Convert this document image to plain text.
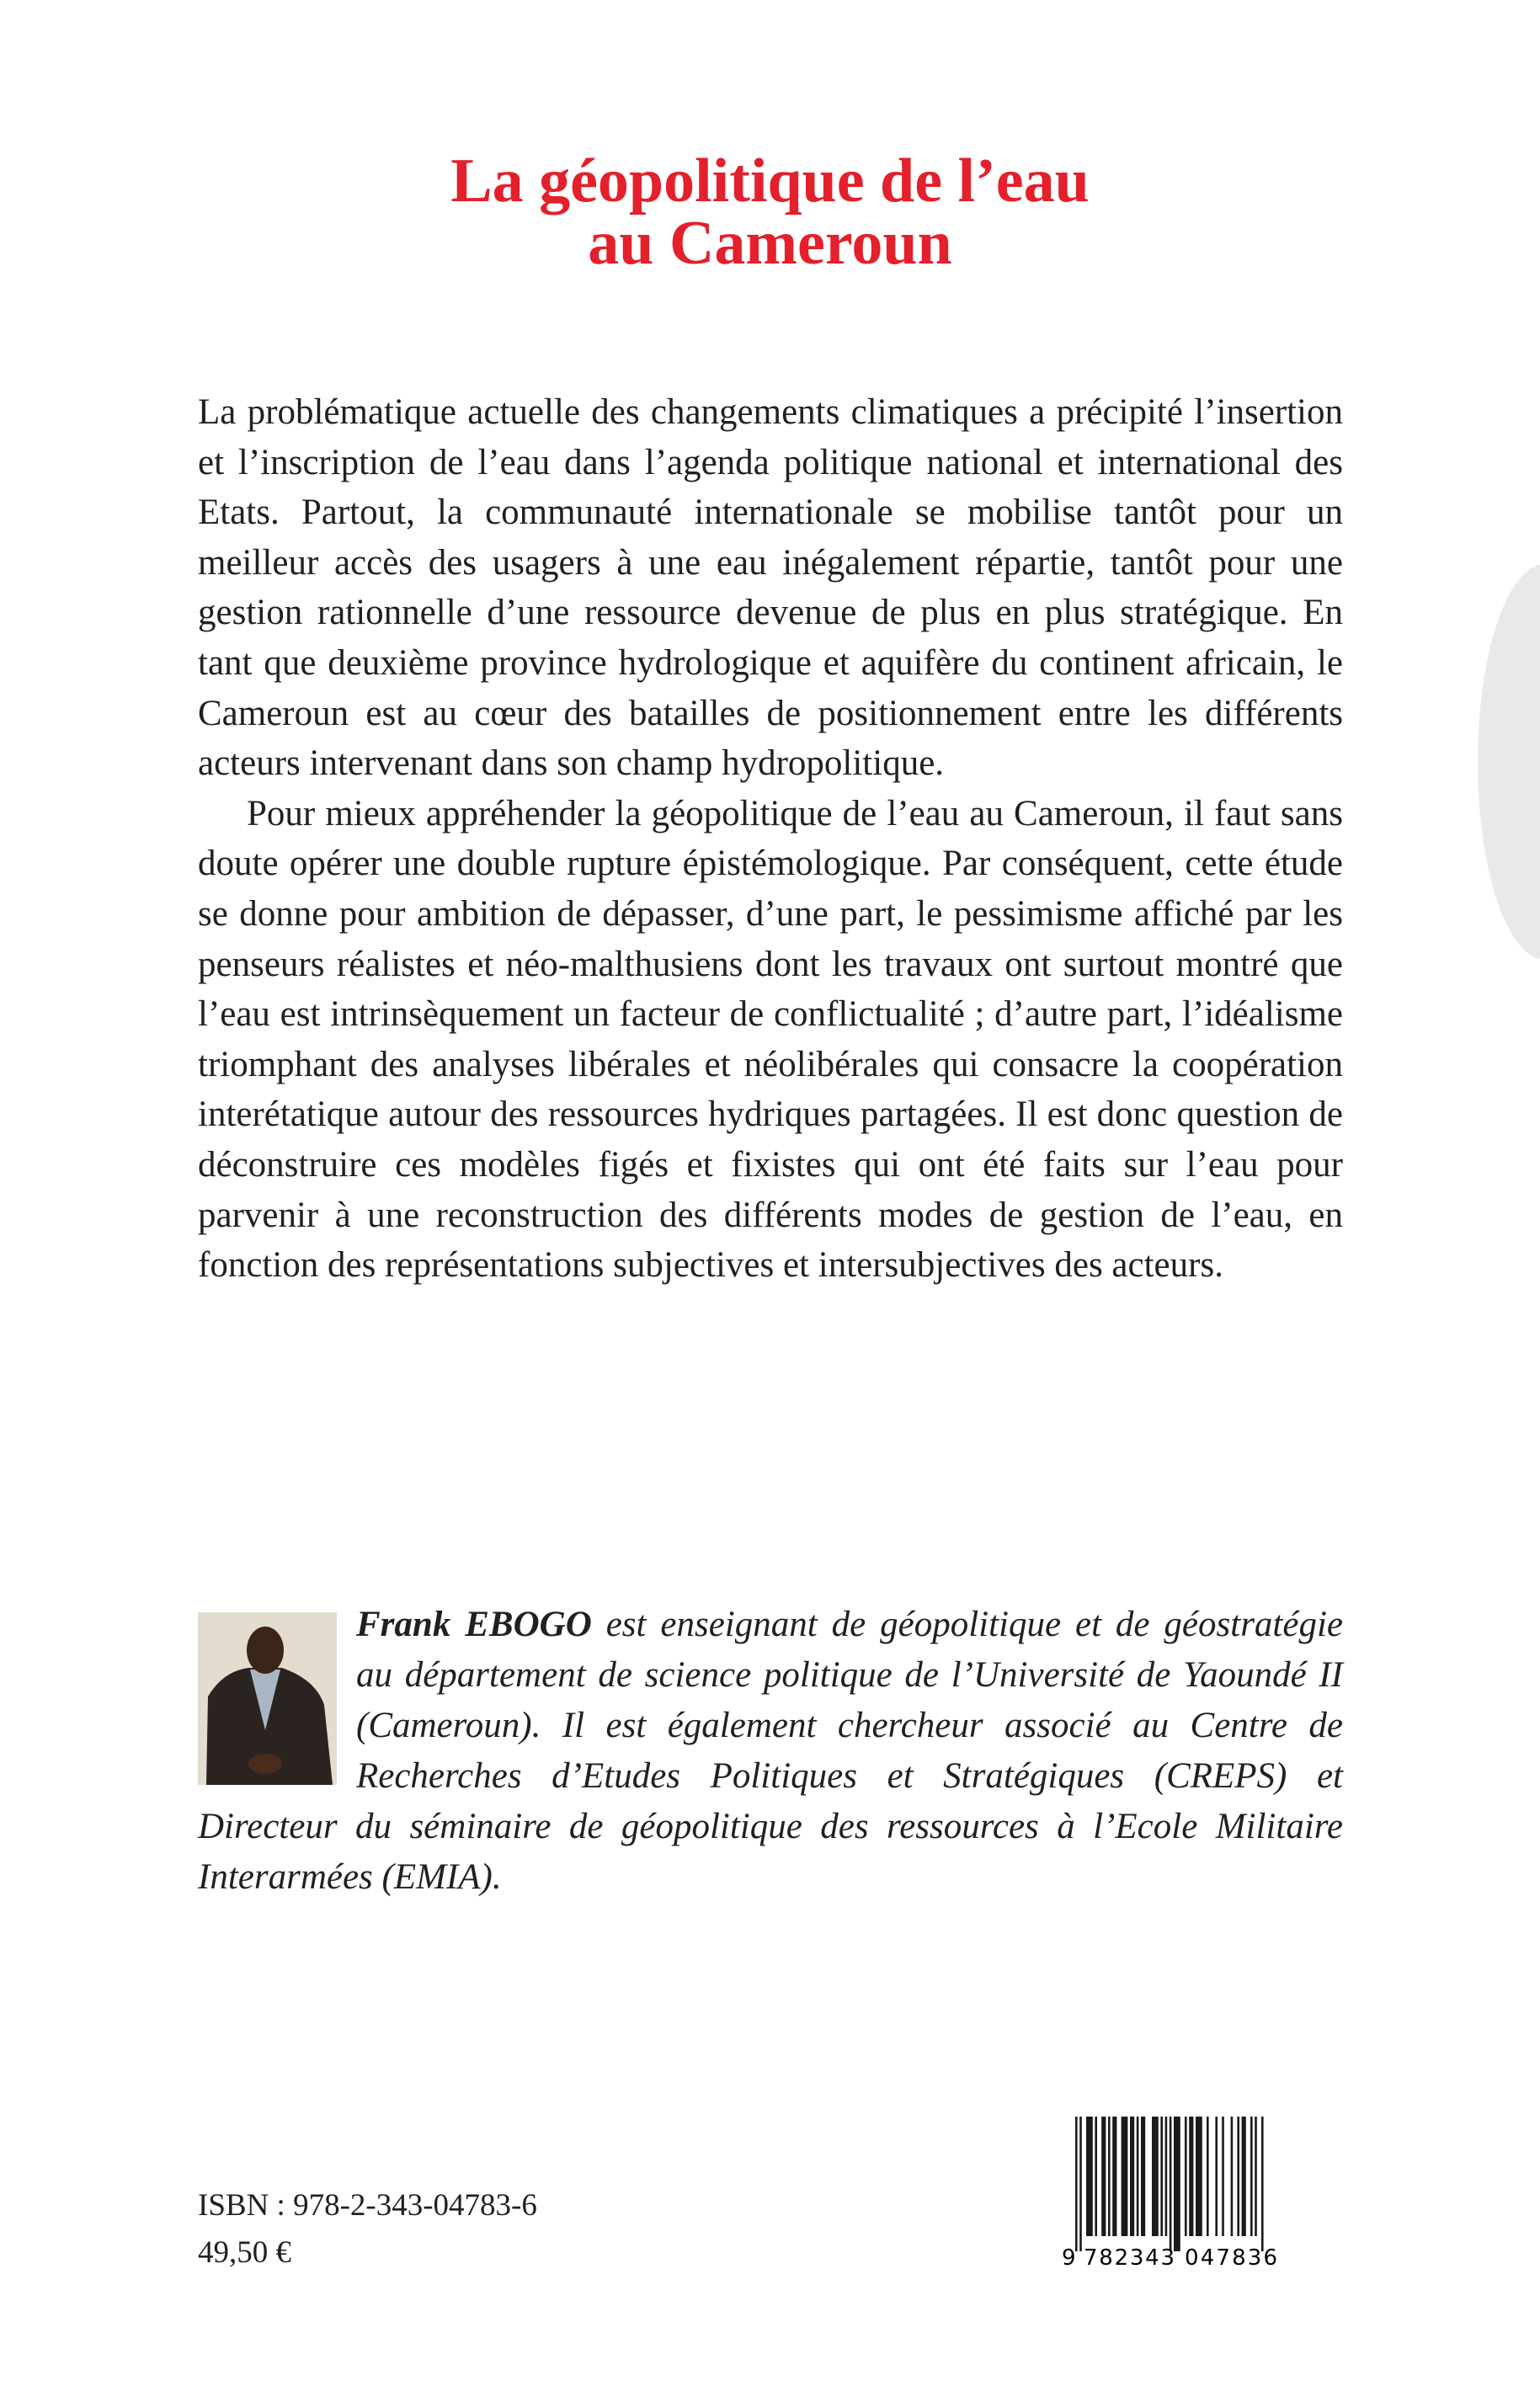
La géopolitique de l’eau
au Cameroun

La problématique actuelle des changements climatiques a précipité l’insertion et l’inscription de l’eau dans l’agenda politique national et international des Etats. Partout, la communauté internationale se mobilise tantôt pour un meilleur accès des usagers à une eau inégalement répartie, tantôt pour une gestion rationnelle d’une ressource devenue de plus en plus stratégique. En tant que deuxième province hydrologique et aquifère du continent africain, le Cameroun est au cœur des batailles de positionnement entre les différents acteurs intervenant dans son champ hydropolitique.

Pour mieux appréhender la géopolitique de l’eau au Cameroun, il faut sans doute opérer une double rupture épistémologique. Par conséquent, cette étude se donne pour ambition de dépasser, d’une part, le pessimisme affiché par les penseurs réalistes et néo-malthusiens dont les travaux ont surtout montré que l’eau est intrinsèquement un facteur de conflictualité ; d’autre part, l’idéalisme triomphant des analyses libérales et néolibérales qui consacre la coopération interétatique autour des ressources hydriques partagées. Il est donc question de déconstruire ces modèles figés et fixistes qui ont été faits sur l’eau pour parvenir à une reconstruction des différents modes de gestion de l’eau, en fonction des représentations subjectives et intersubjectives des acteurs.

Frank EBOGO est enseignant de géopolitique et de géostratégie au département de science politique de l’Université de Yaoundé II (Cameroun). Il est également chercheur associé au Centre de Recherches d’Etudes Politiques et Stratégiques (CREPS) et Directeur du séminaire de géopolitique des ressources à l’Ecole Militaire Interarmées (EMIA).
ISBN : 978-2-343-04783-6
49,50 €	9 782343 047836
